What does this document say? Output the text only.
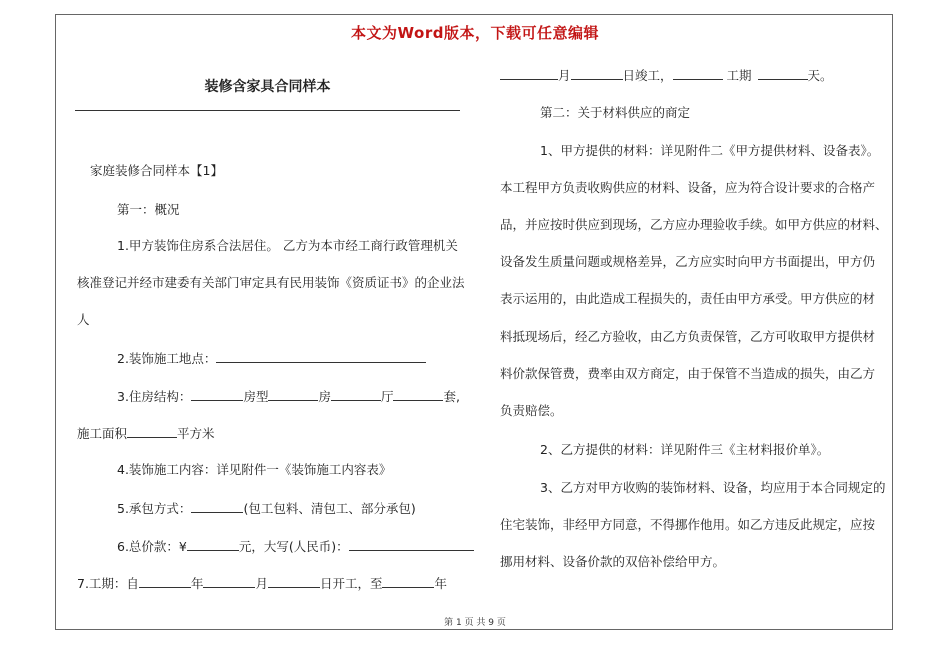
本文为Word版本，下载可任意编辑
装修含家具合同样本
家庭装修合同样本【1】
第一：概况
1.甲方装饰住房系合法居住。 乙方为本市经工商行政管理机关
核准登记并经市建委有关部门审定具有民用装饰《资质证书》的企业法
人
2.装饰施工地点：
3.住房结构：	房型	房	厅	套,
施工面积	平方米
4.装饰施工内容：详见附件一《装饰施工内容表》
5.承包方式：	(包工包料、清包工、部分承包)
6.总价款：¥	元，大写(人民币)：
7.工期：自	年	月	日开工，至	年
月	日竣工，	工期	天。
第二：关于材料供应的商定
1、甲方提供的材料：详见附件二《甲方提供材料、设备表》。
本工程甲方负责收购供应的材料、设备，应为符合设计要求的合格产
品，并应按时供应到现场，乙方应办理验收手续。如甲方供应的材料、
设备发生质量问题或规格差异，乙方应实时向甲方书面提出，甲方仍
表示运用的，由此造成工程损失的，责任由甲方承受。甲方供应的材
料抵现场后，经乙方验收，由乙方负责保管，乙方可收取甲方提供材
料价款保管费，费率由双方商定，由于保管不当造成的损失，由乙方
负责赔偿。
2、乙方提供的材料：详见附件三《主材料报价单》。
3、乙方对甲方收购的装饰材料、设备，均应用于本合同规定的
住宅装饰，非经甲方同意，不得挪作他用。如乙方违反此规定，应按
挪用材料、设备价款的双倍补偿给甲方。
第 1 页 共 9 页
